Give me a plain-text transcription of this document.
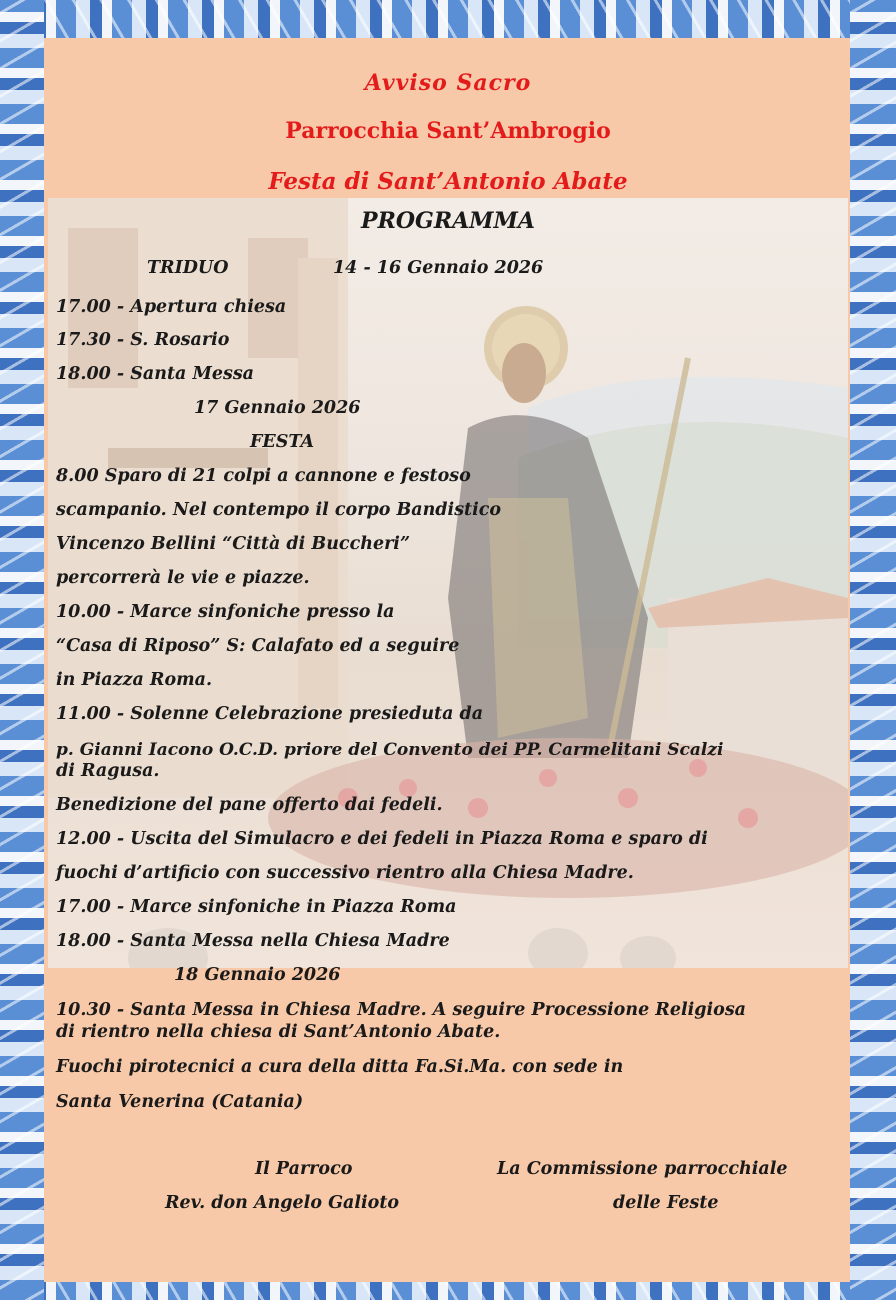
Avviso Sacro
Parrocchia Sant’Ambrogio
Festa di Sant’Antonio Abate
PROGRAMMA
TRIDUO	14 - 16 Gennaio 2026
17.00 - Apertura chiesa
17.30 - S. Rosario
18.00 - Santa Messa
17 Gennaio 2026
FESTA
8.00 Sparo di 21 colpi a cannone e festoso
scampanio. Nel contempo il corpo Bandistico
Vincenzo Bellini “Città di Buccheri”
percorrerà le vie e piazze.
10.00 - Marce sinfoniche presso la
“Casa di Riposo” S: Calafato ed a seguire
in Piazza Roma.
11.00 - Solenne Celebrazione presieduta da
p. Gianni Iacono O.C.D. priore del Convento dei PP. Carmelitani Scalzi
di Ragusa.
Benedizione del pane offerto dai fedeli.
12.00 - Uscita del Simulacro e dei fedeli in Piazza Roma e sparo di
fuochi d’artificio con successivo rientro alla Chiesa Madre.
17.00 - Marce sinfoniche in Piazza Roma
18.00 - Santa Messa nella Chiesa Madre
18 Gennaio 2026
10.30 - Santa Messa in Chiesa Madre. A seguire Processione Religiosa
di rientro nella chiesa di Sant’Antonio Abate.
Fuochi pirotecnici a cura della ditta Fa.Si.Ma. con sede in
Santa Venerina (Catania)
Il Parroco
Rev. don Angelo Galioto
La Commissione parrocchiale
delle Feste
